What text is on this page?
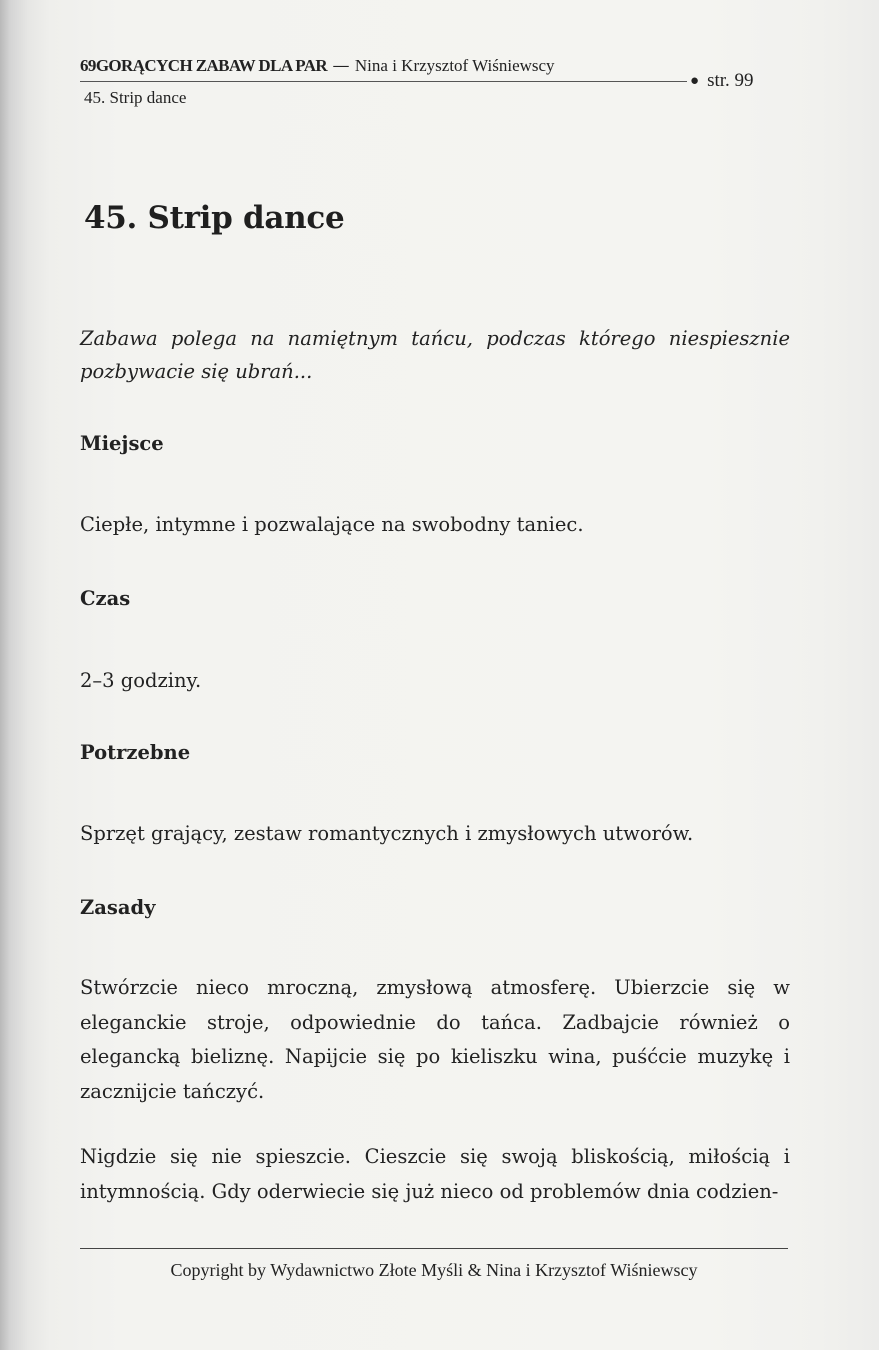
69GORĄCYCH ZABAW DLA PAR — Nina i Krzysztof Wiśniewscy
● str. 99
45. Strip dance
45. Strip dance

Zabawa polega na namiętnym tańcu, podczas którego niespiesznie pozbywacie się ubrań...

Miejsce

Ciepłe, intymne i pozwalające na swobodny taniec.

Czas

2–3 godziny.

Potrzebne

Sprzęt grający, zestaw romantycznych i zmysłowych utworów.

Zasady

Stwórzcie nieco mroczną, zmysłową atmosferę. Ubierzcie się w eleganckie stroje, odpowiednie do tańca. Zadbajcie również o elegancką bieliznę. Napijcie się po kieliszku wina, puśćcie muzykę i zacznijcie tańczyć.

Nigdzie się nie spieszcie. Cieszcie się swoją bliskością, miłością i intymnością. Gdy oderwiecie się już nieco od problemów dnia codzien-

Copyright by Wydawnictwo Złote Myśli & Nina i Krzysztof Wiśniewscy
